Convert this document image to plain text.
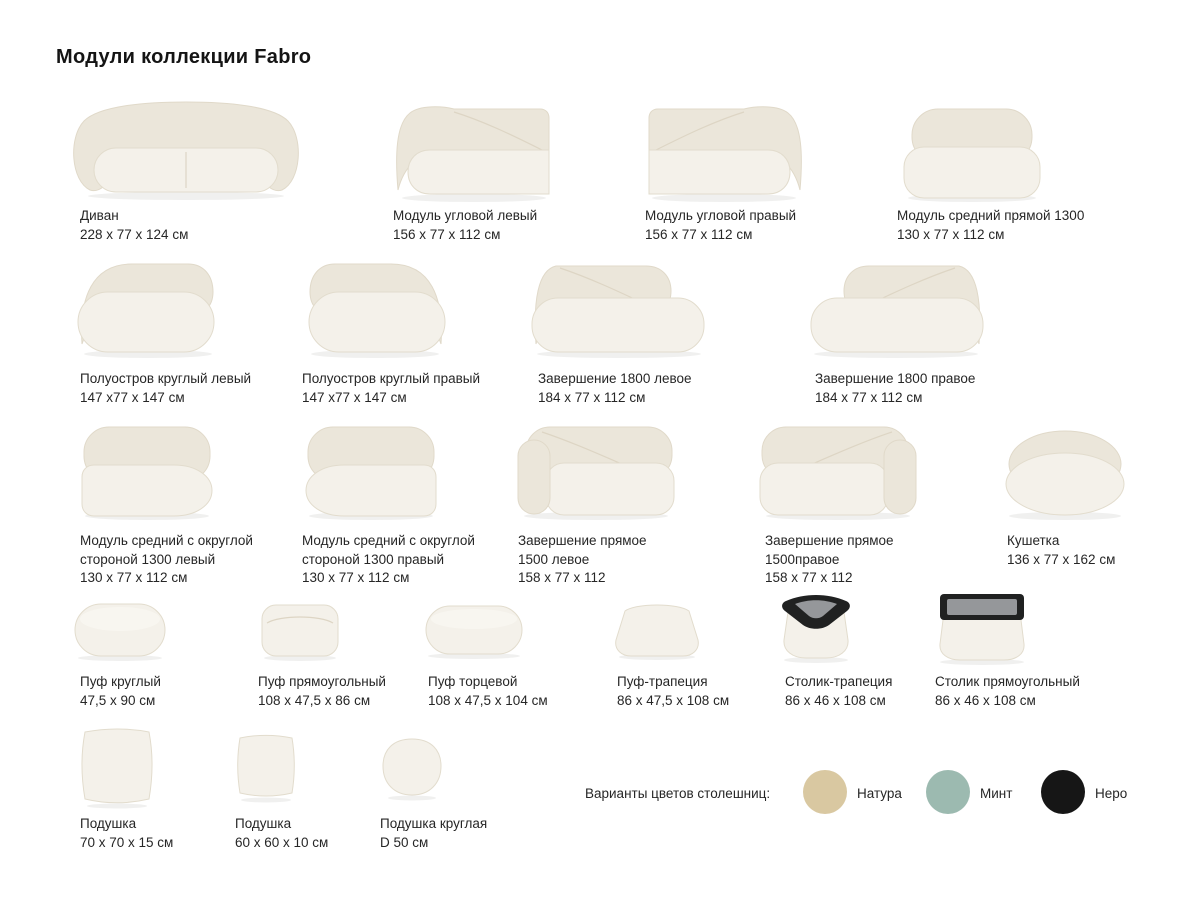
Модули коллекции Fabro
Диван
228 x 77 x 124 см
Модуль угловой левый
156 x 77 x 112 см
Модуль угловой правый
156 x 77 x 112 см
Модуль средний прямой 1300
130 x 77 x 112 см
Полуостров круглый левый
147 x77 x 147 см
Полуостров круглый правый
147 x77 x 147 см
Завершение 1800 левое
184 x 77 x 112 см
Завершение 1800 правое
184 x 77 x 112 см
Модуль средний с округлой стороной 1300 левый
130 x 77 x 112 см
Модуль средний с округлой стороной 1300 правый
130 x 77 x 112 см
Завершение прямое 1500 левое
158 x 77 x 112
Завершение прямое 1500правое
158 x 77 x 112
Кушетка
136 x 77 x 162 см
Пуф круглый
47,5 x 90 см
Пуф прямоугольный
108 x 47,5 x 86 см
Пуф торцевой
108 x 47,5 x 104 см
Пуф-трапеция
86 x 47,5 x 108 см
Столик-трапеция
86 x 46 x 108 см
Столик прямоугольный
86 x 46 x 108 см
Подушка
70 x 70 x 15 см
Подушка
60 x 60 x 10 см
Подушка круглая
D 50 см
Варианты цветов столешниц:	Натура	Минт	Неро
